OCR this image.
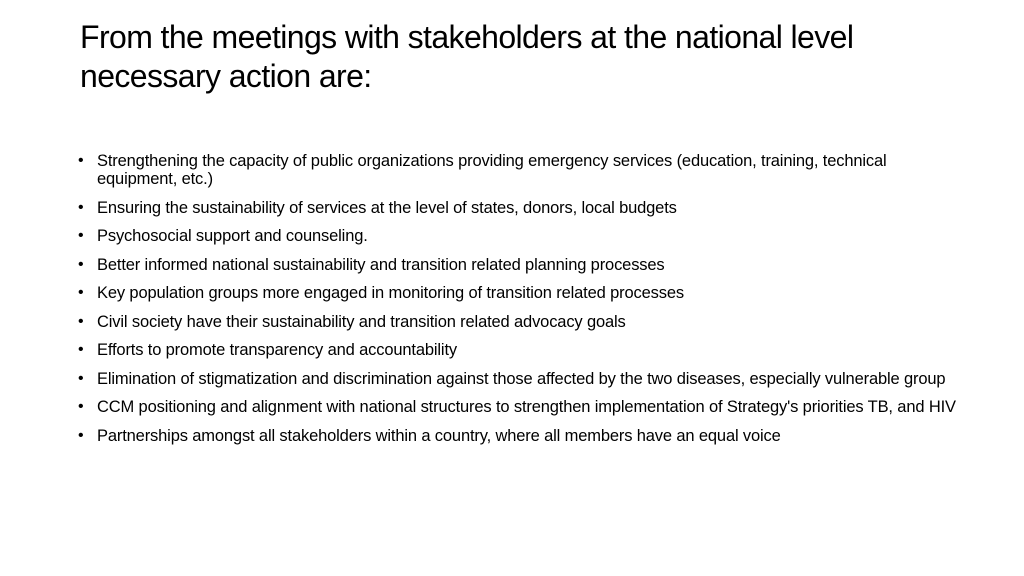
From the meetings with stakeholders at the national level necessary action are:
• Strengthening the capacity of public organizations providing emergency services (education, training, technical equipment, etc.)
• Ensuring the sustainability of services at the level of states, donors, local budgets
• Psychosocial support and counseling.
• Better informed national sustainability and transition related planning processes
• Key population groups more engaged in monitoring of transition related processes
• Civil society have their sustainability and transition related advocacy goals
• Efforts to promote transparency and accountability
• Elimination of stigmatization and discrimination against those affected by the two diseases, especially vulnerable group
• CCM positioning and alignment with national structures to strengthen implementation of Strategy's priorities TB, and HIV
• Partnerships amongst all stakeholders within a country, where all members have an equal voice
